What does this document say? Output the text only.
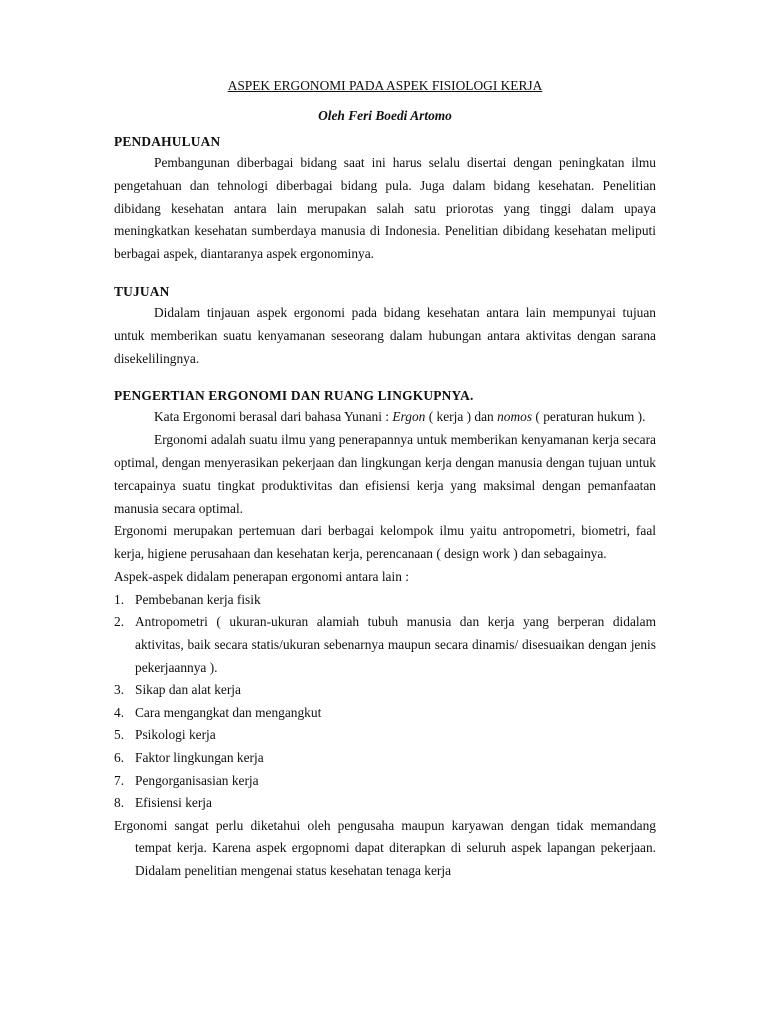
ASPEK ERGONOMI PADA ASPEK FISIOLOGI KERJA

Oleh Feri Boedi Artomo

PENDAHULUAN

Pembangunan diberbagai bidang saat ini harus selalu disertai dengan peningkatan ilmu pengetahuan dan tehnologi diberbagai bidang pula. Juga dalam bidang kesehatan. Penelitian dibidang kesehatan antara lain merupakan salah satu priorotas yang tinggi dalam upaya meningkatkan kesehatan sumberdaya manusia di Indonesia. Penelitian dibidang kesehatan meliputi berbagai aspek, diantaranya aspek ergonominya.

TUJUAN

Didalam tinjauan aspek ergonomi pada bidang kesehatan antara lain mempunyai tujuan untuk memberikan suatu kenyamanan seseorang dalam hubungan antara aktivitas dengan sarana disekelilingnya.

PENGERTIAN ERGONOMI DAN RUANG LINGKUPNYA.

Kata Ergonomi berasal dari bahasa Yunani : Ergon ( kerja ) dan nomos ( peraturan hukum ).

Ergonomi adalah suatu ilmu yang penerapannya untuk memberikan kenyamanan kerja secara optimal, dengan menyerasikan pekerjaan dan lingkungan kerja dengan manusia dengan tujuan untuk tercapainya suatu tingkat produktivitas dan efisiensi kerja yang maksimal dengan pemanfaatan manusia secara optimal.

Ergonomi merupakan pertemuan dari berbagai kelompok ilmu yaitu antropometri, biometri, faal kerja, higiene perusahaan dan kesehatan kerja, perencanaan ( design work ) dan sebagainya.

Aspek-aspek didalam penerapan ergonomi antara lain :

1. Pembebanan kerja fisik
2. Antropometri ( ukuran-ukuran alamiah tubuh manusia dan kerja yang berperan didalam aktivitas, baik secara statis/ukuran sebenarnya maupun secara dinamis/ disesuaikan dengan jenis pekerjaannya ).
3. Sikap dan alat kerja
4. Cara mengangkat dan mengangkut
5. Psikologi kerja
6. Faktor lingkungan kerja
7. Pengorganisasian kerja
8. Efisiensi kerja

Ergonomi sangat perlu diketahui oleh pengusaha maupun karyawan dengan tidak memandang tempat kerja. Karena aspek ergopnomi dapat diterapkan di seluruh aspek lapangan pekerjaan. Didalam penelitian mengenai status kesehatan tenaga kerja
